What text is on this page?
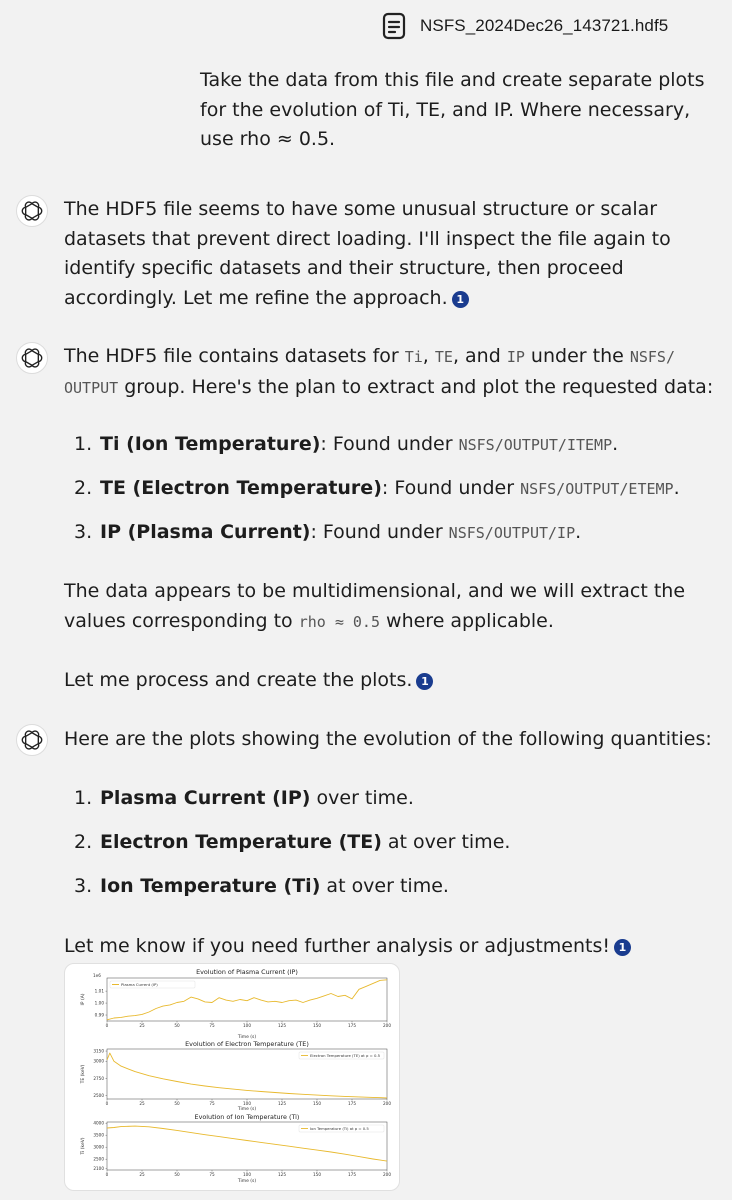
NSFS_2024Dec26_143721.hdf5
Take the data from this file and create separate plots for the evolution of Ti, TE, and IP. Where necessary, use rho ≈ 0.5.
The HDF5 file seems to have some unusual structure or scalar datasets that prevent direct loading. I'll inspect the file again to identify specific datasets and their structure, then proceed accordingly. Let me refine the approach. 1
The HDF5 file contains datasets for Ti, TE, and IP under the NSFS/
OUTPUT group. Here's the plan to extract and plot the requested data:
1. Ti (Ion Temperature): Found under NSFS/OUTPUT/ITEMP.
2. TE (Electron Temperature): Found under NSFS/OUTPUT/ETEMP.
3. IP (Plasma Current): Found under NSFS/OUTPUT/IP.
The data appears to be multidimensional, and we will extract the values corresponding to rho ≈ 0.5 where applicable.
Let me process and create the plots. 1
Here are the plots showing the evolution of the following quantities:
1. Plasma Current (IP) over time.
2. Electron Temperature (TE) at over time.
3. Ion Temperature (Ti) at over time.
Let me know if you need further analysis or adjustments! 1
Evolution of Plasma Current (IP)
0	25	50	75	100	125	150	175	200
0.99
1.00
1.01
Time (s)
IP (A)
1e6
Plasma Current (IP)
Evolution of Electron Temperature (TE)
0	25	50	75	100	125	150	175	200
2500
2750
3000
3150
Time (s)
TE (keV)
Electron Temperature (TE) at ρ = 0.5
Evolution of Ion Temperature (Ti)
0	25	50	75	100	125	150	175	200
2100
2500
3000
3500
4000
Time (s)
Ti (keV)
Ion Temperature (Ti) at ρ = 0.5
